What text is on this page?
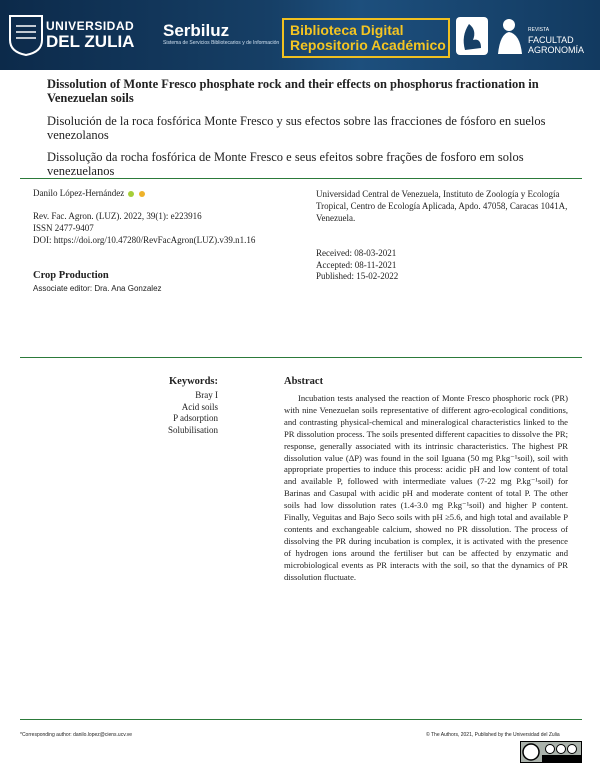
UNIVERSIDAD
DEL ZULIA
Serbiluz
Sistema de Servicios Bibliotecarios y de Información
Biblioteca Digital
Repositorio Académico
REVISTA
FACULTAD
AGRONOMÍA
Dissolution of Monte Fresco phosphate rock and their effects on phosphorus fractionation in Venezuelan soils
Disolución de la roca fosfórica Monte Fresco y sus efectos sobre las fracciones de fósforo en suelos venezolanos
Dissolução da rocha fosfórica de Monte Fresco e seus efeitos sobre frações de fosforo em solos venezuelanos
Danilo López-Hernández
Rev. Fac. Agron. (LUZ). 2022, 39(1): e223916
ISSN 2477-9407
DOI: https://doi.org/10.47280/RevFacAgron(LUZ).v39.n1.16
Crop Production
Associate editor: Dra. Ana Gonzalez
Universidad Central de Venezuela, Instituto de Zoología y Ecología Tropical, Centro de Ecología Aplicada, Apdo. 47058, Caracas 1041A, Venezuela.
Received: 08-03-2021
Accepted: 08-11-2021
Published: 15-02-2022
Keywords:
Bray I
Acid soils
P adsorption
Solubilisation
Abstract
Incubation tests analysed the reaction of Monte Fresco phosphoric rock (PR) with nine Venezuelan soils representative of different agro-ecological conditions, and contrasting physical-chemical and mineralogical characteristics linked to the PR dissolution process. The soils presented different capacities to dissolve the PR; response, generally associated with its intrinsic characteristics. The highest PR dissolution value (ΔP) was found in the soil Iguana (50 mg P.kg⁻¹soil), soil with appropriate properties to induce this process: acidic pH and low content of total and available P, followed with intermediate values (7-22 mg P.kg⁻¹soil) for Barinas and Casupal with acidic pH and moderate content of total P. The other soils had low dissolution rates (1.4-3.0 mg P.kg⁻¹soil) and higher P content. Finally, Veguitas and Bajo Seco soils with pH ≥5.6, and high total and available P contents and exchangeable calcium, showed no PR dissolution. The process of dissolving the PR during incubation is complex, it is activated with the presence of hydrogen ions around the fertiliser but can be affected by enzymatic and microbiological events as PR interacts with the soil, so that the dynamics of PR dissolution fluctuate.
*Corresponding author: danilo.lopez@ciens.ucv.ve	© The Authors, 2021, Published by the Universidad del Zulia
